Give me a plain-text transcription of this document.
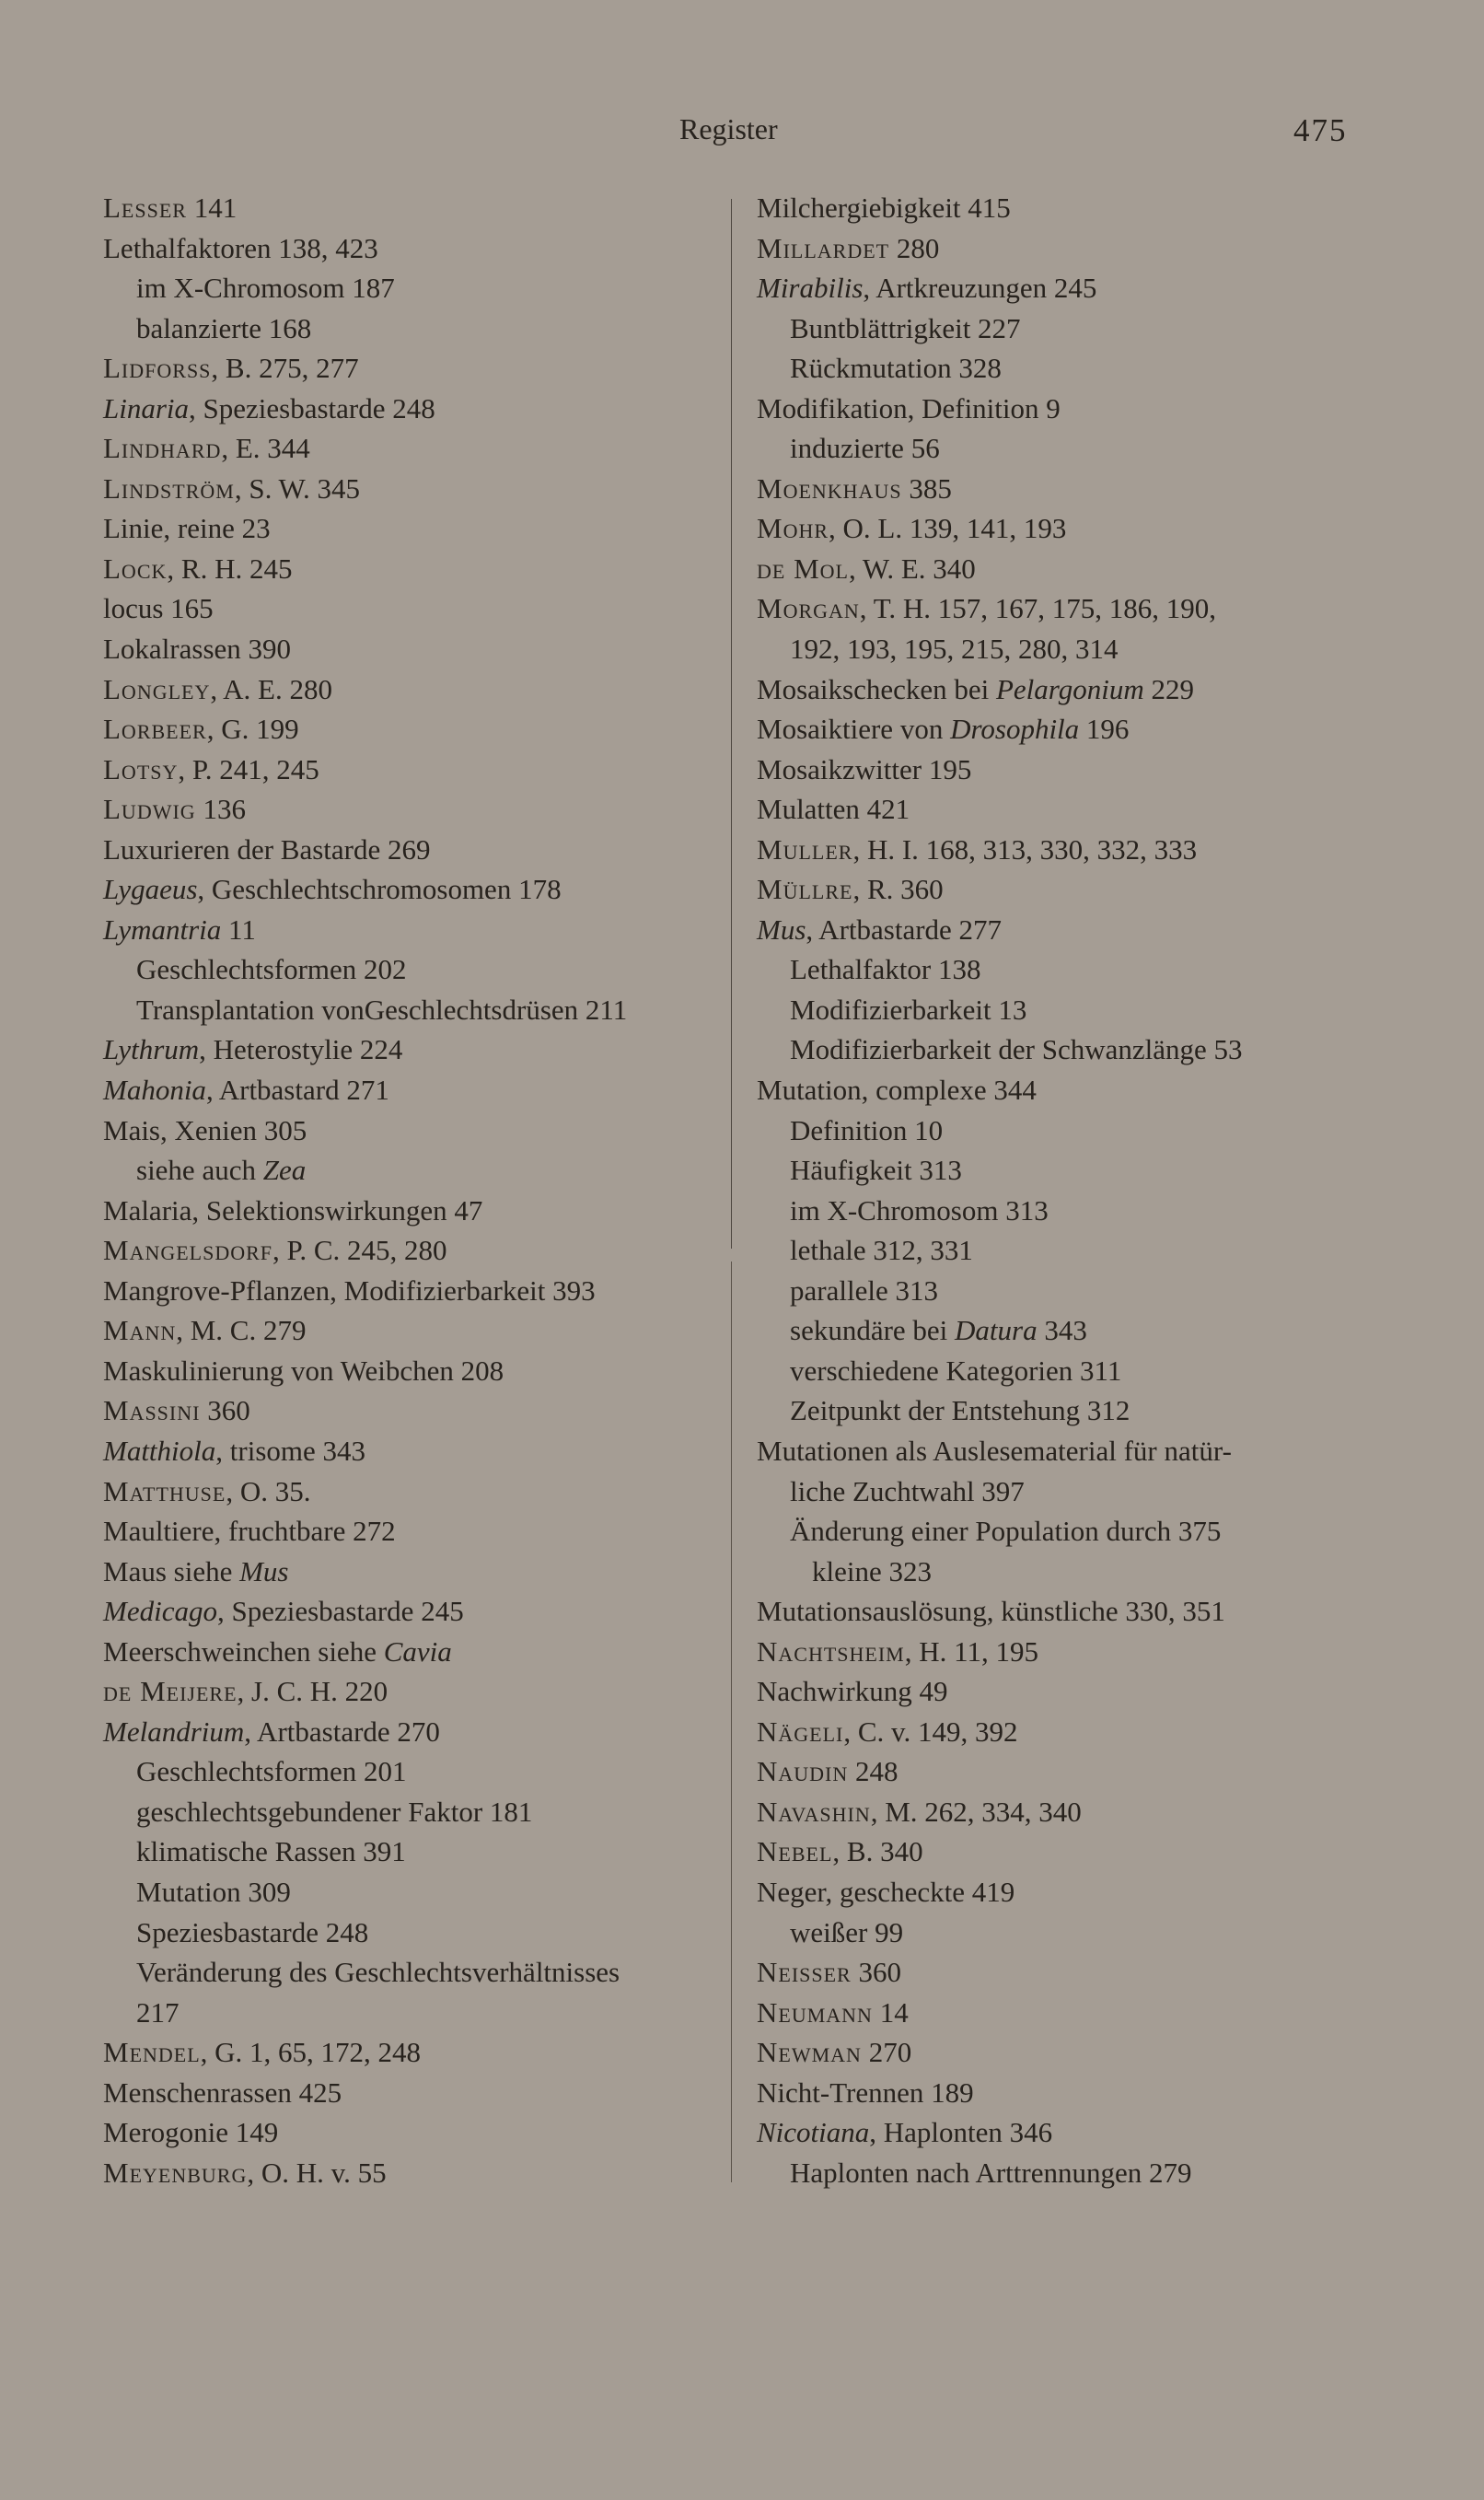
Register	475
Lesser 141
Lethalfaktoren 138, 423
im X-Chromosom 187
balanzierte 168
Lidforss, B. 275, 277
Linaria, Speziesbastarde 248
Lindhard, E. 344
Lindström, S. W. 345
Linie, reine 23
Lock, R. H. 245
locus 165
Lokalrassen 390
Longley, A. E. 280
Lorbeer, G. 199
Lotsy, P. 241, 245
Ludwig 136
Luxurieren der Bastarde 269
Lygaeus, Geschlechtschromosomen 178
Lymantria 11
Geschlechtsformen 202
Transplantation vonGeschlechtsdrüsen 211
Lythrum, Heterostylie 224
Mahonia, Artbastard 271
Mais, Xenien 305
siehe auch Zea
Malaria, Selektionswirkungen 47
Mangelsdorf, P. C. 245, 280
Mangrove-Pflanzen, Modifizierbarkeit 393
Mann, M. C. 279
Maskulinierung von Weibchen 208
Massini 360
Matthiola, trisome 343
Matthuse, O. 35.
Maultiere, fruchtbare 272
Maus siehe Mus
Medicago, Speziesbastarde 245
Meerschweinchen siehe Cavia
de Meijere, J. C. H. 220
Melandrium, Artbastarde 270
Geschlechtsformen 201
geschlechtsgebundener Faktor 181
klimatische Rassen 391
Mutation 309
Speziesbastarde 248
Veränderung des Geschlechtsverhältnisses
217
Mendel, G. 1, 65, 172, 248
Menschenrassen 425
Merogonie 149
Meyenburg, O. H. v. 55
Milchergiebigkeit 415
Millardet 280
Mirabilis, Artkreuzungen 245
Buntblättrigkeit 227
Rückmutation 328
Modifikation, Definition 9
induzierte 56
Moenkhaus 385
Mohr, O. L. 139, 141, 193
de Mol, W. E. 340
Morgan, T. H. 157, 167, 175, 186, 190,
192, 193, 195, 215, 280, 314
Mosaikschecken bei Pelargonium 229
Mosaiktiere von Drosophila 196
Mosaikzwitter 195
Mulatten 421
Muller, H. I. 168, 313, 330, 332, 333
Müllre, R. 360
Mus, Artbastarde 277
Lethalfaktor 138
Modifizierbarkeit 13
Modifizierbarkeit der Schwanzlänge 53
Mutation, complexe 344
Definition 10
Häufigkeit 313
im X-Chromosom 313
lethale 312, 331
parallele 313
sekundäre bei Datura 343
verschiedene Kategorien 311
Zeitpunkt der Entstehung 312
Mutationen als Auslesematerial für natür-
liche Zuchtwahl 397
Änderung einer Population durch 375
kleine 323
Mutationsauslösung, künstliche 330, 351
Nachtsheim, H. 11, 195
Nachwirkung 49
Nägeli, C. v. 149, 392
Naudin 248
Navashin, M. 262, 334, 340
Nebel, B. 340
Neger, gescheckte 419
weißer 99
Neisser 360
Neumann 14
Newman 270
Nicht-Trennen 189
Nicotiana, Haplonten 346
Haplonten nach Arttrennungen 279
